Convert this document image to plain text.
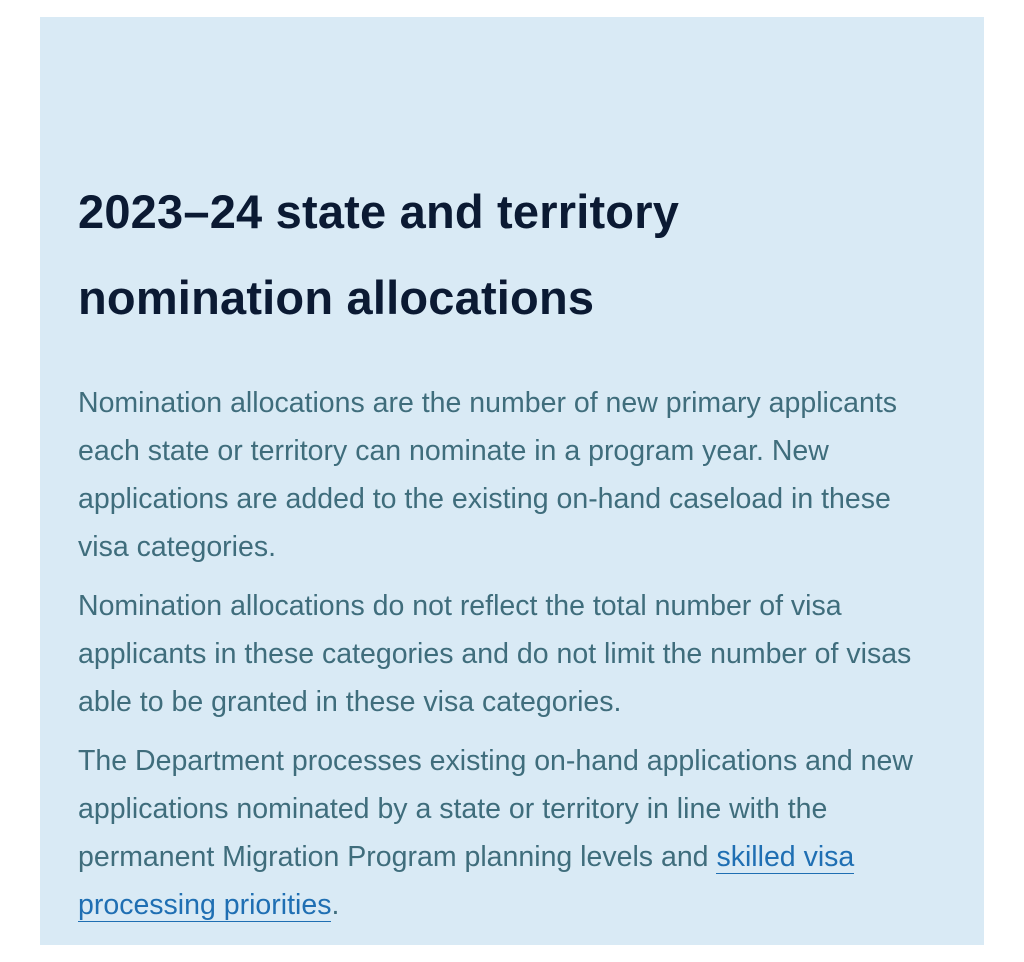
2023–24 state and territory
nomination allocations

Nomination allocations are the number of new primary applicants each state or territory can nominate in a program year. New applications are added to the existing on-hand caseload in these visa categories.

Nomination allocations do not reflect the total number of visa applicants in these categories and do not limit the number of visas able to be granted in these visa categories.

The Department processes existing on-hand applications and new applications nominated by a state or territory in line with the permanent Migration Program planning levels and skilled visa processing priorities.
